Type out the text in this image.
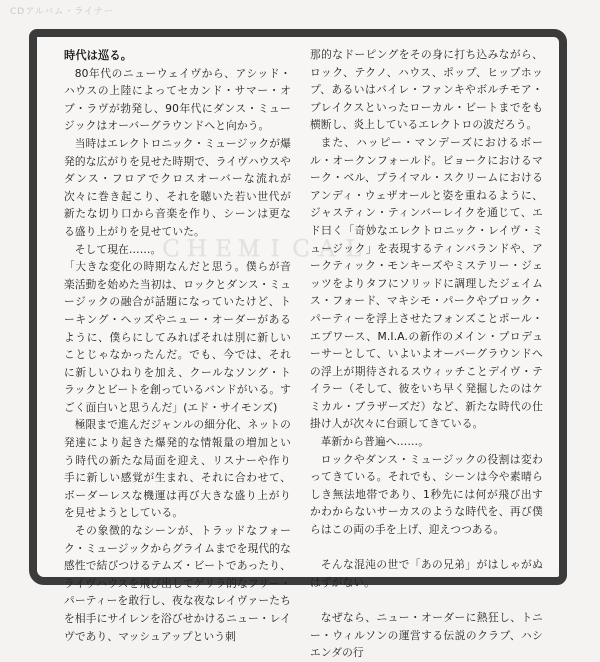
CDアルバム・ライナー
ＣＨＥＭＩＣＡＬ

時代は巡る。

80年代のニューウェイヴから、アシッド・ハウスの上陸によってセカンド・サマー・オブ・ラヴが勃発し、90年代にダンス・ミュージックはオーバーグラウンドへと向かう。

当時はエレクトロニック・ミュージックが爆発的な広がりを見せた時期で、ライヴハウスやダンス・フロアでクロスオーバーな流れが次々に巻き起こり、それを聴いた若い世代が新たな切り口から音楽を作り、シーンは更なる盛り上がりを見せていた。

そして現在……。

「大きな変化の時期なんだと思う。僕らが音楽活動を始めた当初は、ロックとダンス・ミュージックの融合が話題になっていたけど、トーキング・ヘッズやニュー・オーダーがあるように、僕らにしてみればそれは別に新しいことじゃなかったんだ。でも、今では、それに新しいひねりを加え、クールなソング・トラックとビートを創っているバンドがいる。すごく面白いと思うんだ」(エド・サイモンズ)

極限まで進んだジャンルの細分化、ネットの発達により起きた爆発的な情報量の増加という時代の新たな局面を迎え、リスナーや作り手に新しい感覚が生まれ、それに合わせて、ボーダーレスな機運は再び大きな盛り上がりを見せようとしている。

その象徴的なシーンが、トラッドなフォーク・ミュージックからグライムまでを現代的な感性で結びつけるテムズ・ビートであったり、ライヴハウスを飛び出してゲリラ的なフリー・パーティーを敢行し、夜な夜なレイヴァーたちを相手にサイレンを浴びせかけるニュー・レイヴであり、マッシュアップという刺

那的なドーピングをその身に打ち込みながら、ロック、テクノ、ハウス、ポップ、ヒップホップ、あるいはバイレ・ファンキやボルチモア・ブレイクスといったローカル・ビートまでをも横断し、炎上しているエレクトロの波だろう。

また、ハッピー・マンデーズにおけるボール・オークンフォールド。ビョークにおけるマーク・ベル、プライマル・スクリームにおけるアンディ・ウェザオールと姿を重ねるように、ジャスティン・ティンバーレイクを通じて、エド曰く「奇妙なエレクトロニック・レイヴ・ミュージック」を表現するティンバランドや、アークティック・モンキーズやミステリー・ジェッツをよりタフにソリッドに調理したジェイムス・フォード、マキシモ・パークやブロック・パーティーを浮上させたフォンズことポール・エプワース、M.I.A.の新作のメイン・プロデューサーとして、いよいよオーバーグラウンドへの浮上が期待されるスウィッチことデイヴ・テイラー（そして、彼をいち早く発掘したのはケミカル・ブラザーズだ）など、新たな時代の仕掛け人が次々に台頭してきている。

革新から普遍へ……。

ロックやダンス・ミュージックの役割は変わってきている。それでも、シーンは今や素晴らしき無法地帯であり、1秒先には何が飛び出すかわからないサーカスのような時代を、再び僕らはこの両の手を上げ、迎えつつある。

そんな混沌の世で「あの兄弟」がはしゃがぬはずがない。

なぜなら、ニュー・オーダーに熱狂し、トニー・ウィルソンの運営する伝説のクラブ、ハシエンダの行
